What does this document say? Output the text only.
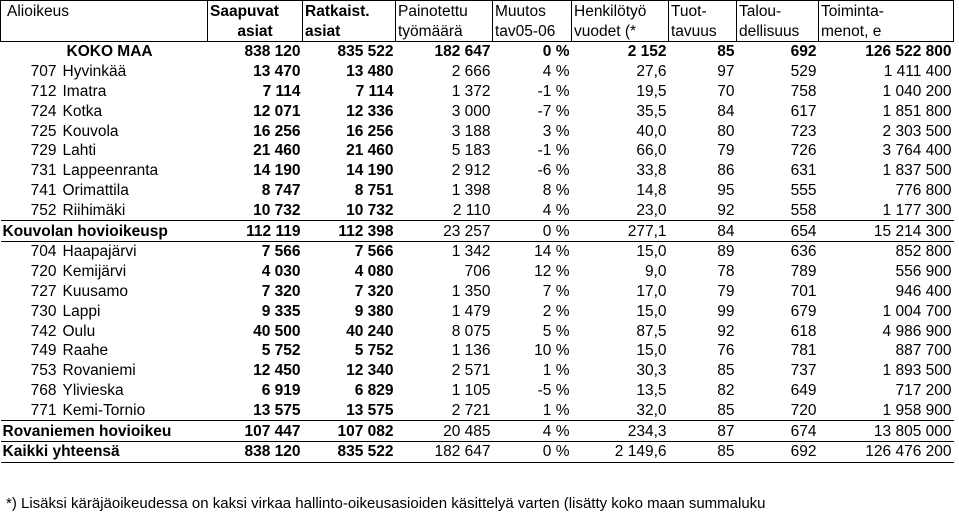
Alioikeus		Saapuvat	Ratkaist.	Painotettu	Muutos	Henkilötyö	Tuot-	Talou-	Toiminta-
		asiat	asiat	työmäärä	tav05-06	vuodet (*	tavuus	dellisuus	menot, e
KOKO MAA		838 120	835 522	182 647	0 %	2 152	85	692	126 522 800
707	Hyvinkää	13 470	13 480	2 666	4 %	27,6	97	529	1 411 400
712	Imatra	7 114	7 114	1 372	-1 %	19,5	70	758	1 040 200
724	Kotka	12 071	12 336	3 000	-7 %	35,5	84	617	1 851 800
725	Kouvola	16 256	16 256	3 188	3 %	40,0	80	723	2 303 500
729	Lahti	21 460	21 460	5 183	-1 %	66,0	79	726	3 764 400
731	Lappeenranta	14 190	14 190	2 912	-6 %	33,8	86	631	1 837 500
741	Orimattila	8 747	8 751	1 398	8 %	14,8	95	555	776 800
752	Riihimäki	10 732	10 732	2 110	4 %	23,0	92	558	1 177 300
Kouvolan hovioikeusp		112 119	112 398	23 257	0 %	277,1	84	654	15 214 300
704	Haapajärvi	7 566	7 566	1 342	14 %	15,0	89	636	852 800
720	Kemijärvi	4 030	4 080	706	12 %	9,0	78	789	556 900
727	Kuusamo	7 320	7 320	1 350	7 %	17,0	79	701	946 400
730	Lappi	9 335	9 380	1 479	2 %	15,0	99	679	1 004 700
742	Oulu	40 500	40 240	8 075	5 %	87,5	92	618	4 986 900
749	Raahe	5 752	5 752	1 136	10 %	15,0	76	781	887 700
753	Rovaniemi	12 450	12 340	2 571	1 %	30,3	85	737	1 893 500
768	Ylivieska	6 919	6 829	1 105	-5 %	13,5	82	649	717 200
771	Kemi-Tornio	13 575	13 575	2 721	1 %	32,0	85	720	1 958 900
Rovaniemen hovioikeu		107 447	107 082	20 485	4 %	234,3	87	674	13 805 000
Kaikki yhteensä		838 120	835 522	182 647	0 %	2 149,6	85	692	126 476 200
*) Lisäksi käräjäoikeudessa on kaksi virkaa hallinto-oikeusasioiden käsittelyä varten (lisätty koko maan summaluku
